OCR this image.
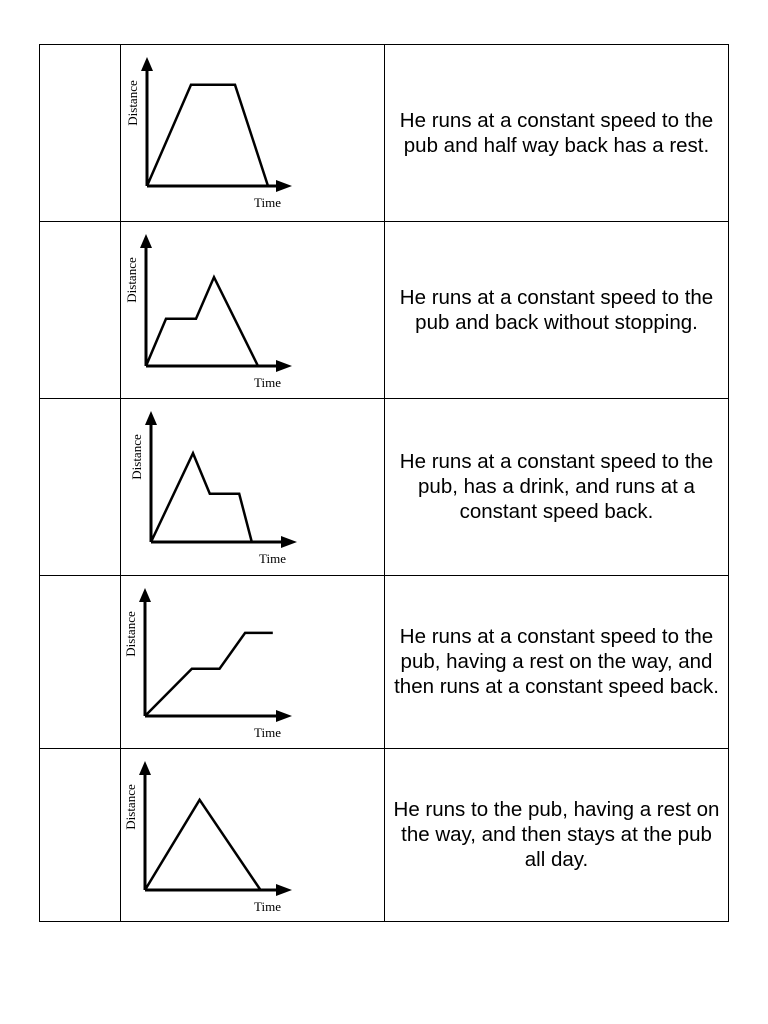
Time
Distance	He runs at a constant speed to the pub and half way back has a rest.
Time
Distance	He runs at a constant speed to the pub and back without stopping.
Time
Distance	He runs at a constant speed to the pub, has a drink, and runs at a constant speed back.
Time
Distance	He runs at a constant speed to the pub, having a rest on the way, and then runs at a constant speed back.
Time
Distance	He runs to the pub, having a rest on the way, and then stays at the pub all day.
